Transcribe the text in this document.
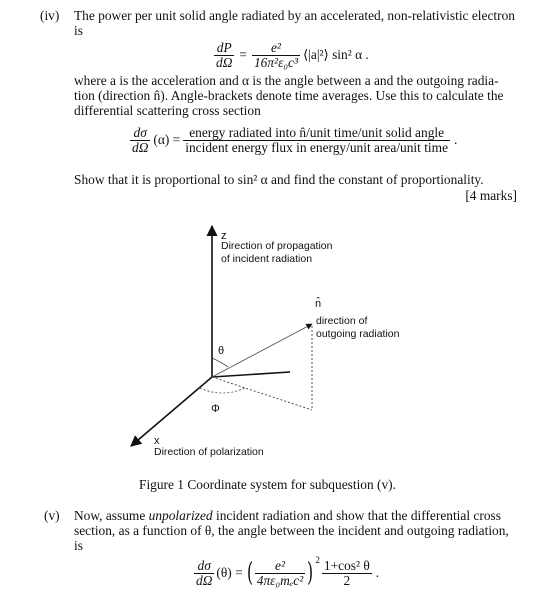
(iv) The power per unit solid angle radiated by an accelerated, non-relativistic electron
is
$\frac{dP}{d\Omega} = \frac{\text{e²}}{\text{16π²ε₀c³}}$ ⟨|a|²⟩ sin² α .
where a is the acceleration and α is the angle between a and the outgoing radia-
tion (direction n̂). Angle-brackets denote time averages. Use this to calculate the
differential scattering cross section
$\frac{d\sigma}{d\Omega} (\alpha) = \frac{\text{energy radiated into n̂/unit time/unit solid angle}}{\text{incident energy flux in energy/unit area/unit time}}$ .
Show that it is proportional to sin² α and find the constant of proportionality.
[4 marks]
z
Direction of propagation
of incident radiation
n̂
direction of
outgoing radiation
θ
Φ
x
Direction of polarization
Figure 1 Coordinate system for subquestion (v).
(v) Now, assume unpolarized incident radiation and show that the differential cross
section, as a function of θ, the angle between the incident and outgoing radiation,
is
$\frac{d\sigma}{d\Omega} (\theta)$ = ( $\frac{\text{e²}}{\text{4πε₀mₑc²}}$ ) $2 \frac{\text{1+cos² θ}}{2}$ .
